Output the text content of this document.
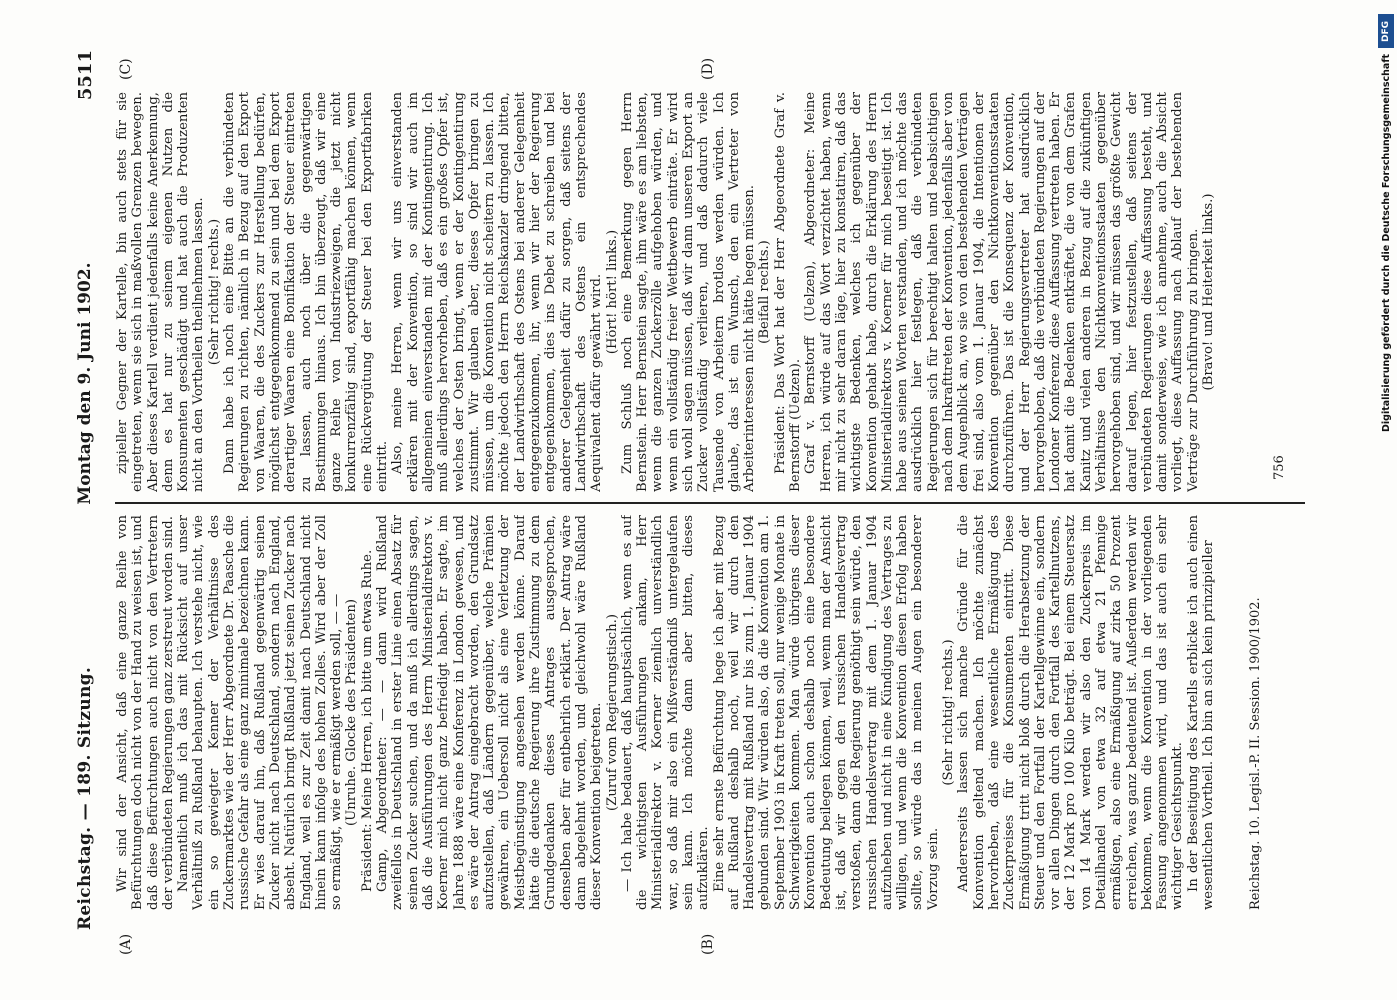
Reichstag. — 189. Sitzung.
Montag den 9. Juni 1902.
5511

Wir sind der Ansicht, daß eine ganze Reihe von Befürchtungen doch nicht von der Hand zu weisen ist, und daß diese Befürchtungen auch nicht von den Vertretern der verbündeten Regierungen ganz zerstreut worden sind. Namentlich muß ich das mit Rücksicht auf unser Verhältniß zu Rußland behaupten. Ich verstehe nicht, wie ein so gewiegter Kenner der Verhältnisse des Zuckermarktes wie der Herr Abgeordnete Dr. Paasche die russische Gefahr als eine ganz minimale bezeichnen kann. Er wies darauf hin, daß Rußland gegenwärtig seinen Zucker nicht nach Deutschland, sondern nach England, abseht. Natürlich bringt Rußland jetzt seinen Zucker nach England, weil es zur Zeit damit nach Deutschland nicht hinein kann infolge des hohen Zolles. Wird aber der Zoll so ermäßigt, wie er ermäßigt werden soll, — — (Unruhe. Glocke des Präsidenten) Präsident: Meine Herren, ich bitte um etwas Ruhe. Gamp, Abgeordneter: — — dann wird Rußland zweifellos in Deutschland in erster Linie einen Absatz für seinen Zucker suchen, und da muß ich allerdings sagen, daß die Ausführungen des Herrn Ministerialdirektors v. Koerner mich nicht ganz befriedigt haben. Er sagte, im Jahre 1888 wäre eine Konferenz in London gewesen, und es wäre der Antrag eingebracht worden, den Grundsatz aufzustellen, daß Ländern gegenüber, welche Prämien gewähren, ein Uebersoll nicht als eine Verletzung der Meistbegünstigung angesehen werden könne. Darauf hätte die deutsche Regierung ihre Zustimmung zu dem Grundgedanken dieses Antrages ausgesprochen, denselben aber für entbehrlich erklärt. Der Antrag wäre dann abgelehnt worden, und gleichwohl wäre Rußland dieser Konvention beigetreten. (Zuruf vom Regierungstisch.) — Ich habe bedauert, daß hauptsächlich, wenn es auf die wichtigsten Ausführungen ankam, Herr Ministerialdirektor v. Koerner ziemlich unverständlich war, so daß mir also ein Mißverständniß untergelaufen sein kann. Ich möchte dann aber bitten, dieses aufzuklären. Eine sehr ernste Befürchtung hege ich aber mit Bezug auf Rußland deshalb noch, weil wir durch den Handelsvertrag mit Rußland nur bis zum 1. Januar 1904 gebunden sind. Wir würden also, da die Konvention am 1. September 1903 in Kraft treten soll, nur wenige Monate in Schwierigkeiten kommen. Man würde übrigens dieser Konvention auch schon deshalb noch eine besondere Bedeutung beilegen können, weil, wenn man der Ansicht ist, daß wir gegen den russischen Handelsvertrag verstoßen, dann die Regierung genöthigt sein würde, den russischen Handelsvertrag mit dem 1. Januar 1904 aufzuheben und nicht in eine Kündigung des Vertrages zu willigen, und wenn die Konvention diesen Erfolg haben sollte, so würde das in meinen Augen ein besonderer Vorzug sein.

(Sehr richtig! rechts.) Andererseits lassen sich manche Gründe für die Konvention geltend machen. Ich möchte zunächst hervorheben, daß eine wesentliche Ermäßigung des Zuckerpreises für die Konsumenten eintritt. Diese Ermäßigung tritt nicht bloß durch die Herabsetzung der Steuer und den Fortfall der Kartellgewinne ein, sondern vor allen Dingen durch den Fortfall des Kartellnutzens, der 12 Mark pro 100 Kilo beträgt. Bei einem Steuersatz von 14 Mark werden wir also den Zuckerpreis im Detailhandel von etwa 32 auf etwa 21 Pfennige ermäßigen, also eine Ermäßigung auf zirka 50 Prozent erreichen, was ganz bedeutend ist. Außerdem werden wir bekommen, wenn die Konvention in der vorliegenden Fassung angenommen wird, und das ist auch ein sehr wichtiger Gesichtspunkt. In der Beseitigung des Kartells erblicke ich auch einen wesentlichen Vortheil. Ich bin an sich kein prinzipieller

zipieller Gegner der Kartelle, bin auch stets für sie eingetreten, wenn sie sich in maßvollen Grenzen bewegen. Aber dieses Kartell verdient jedenfalls keine Anerkennung, denn es hat nur zu seinem eigenen Nutzen die Konsumenten geschädigt und hat auch die Produzenten nicht an den Vortheilen theilnehmen lassen. (Sehr richtig! rechts.) Dann habe ich noch eine Bitte an die verbündeten Regierungen zu richten, nämlich in Bezug auf den Export von Waaren, die des Zuckers zur Herstellung bedürfen, möglichst entgegenkommend zu sein und bei dem Export derartiger Waaren eine Bonifikation der Steuer eintreten zu lassen, auch noch über die gegenwärtigen Bestimmungen hinaus. Ich bin überzeugt, daß wir eine ganze Reihe von Industriezweigen, die jetzt nicht konkurrenzfähig sind, exportfähig machen können, wenn eine Rückvergütung der Steuer bei den Exportfabriken eintritt. Also, meine Herren, wenn wir uns einverstanden erklären mit der Konvention, so sind wir auch im allgemeinen einverstanden mit der Kontingentirung. Ich muß allerdings hervorheben, daß es ein großes Opfer ist, welches der Osten bringt, wenn er der Kontingentirung zustimmt. Wir glauben aber, dieses Opfer bringen zu müssen, um die Konvention nicht scheitern zu lassen. Ich möchte jedoch den Herrn Reichskanzler dringend bitten, der Landwirthschaft des Ostens bei anderer Gelegenheit entgegenzukommen, ihr, wenn wir hier der Regierung entgegenkommen, dies ins Debet zu schreiben und bei anderer Gelegenheit dafür zu sorgen, daß seitens der Landwirthschaft des Ostens ein entsprechendes Aequivalent dafür gewährt wird. (Hört! hört! links.) Zum Schluß noch eine Bemerkung gegen Herrn Bernstein. Herr Bernstein sagte, ihm wäre es am liebsten, wenn die ganzen Zuckerzölle aufgehoben würden, und wenn ein vollständig freier Wettbewerb einträte. Er wird sich wohl sagen müssen, daß wir dann unseren Export an Zucker vollständig verlieren, und daß dadurch viele Tausende von Arbeitern brotlos werden würden. Ich glaube, das ist ein Wunsch, den ein Vertreter von Arbeiterinteressen nicht hätte hegen müssen. (Beifall rechts.) Präsident: Das Wort hat der Herr Abgeordnete Graf v. Bernstorff (Uelzen). Graf v. Bernstorff (Uelzen), Abgeordneter: Meine Herren, ich würde auf das Wort verzichtet haben, wenn mir nicht zu sehr daran läge, hier zu konstatiren, daß das wichtigste Bedenken, welches ich gegenüber der Konvention gehabt habe, durch die Erklärung des Herrn Ministerialdirektors v. Koerner für mich beseitigt ist. Ich habe aus seinen Worten verstanden, und ich möchte das ausdrücklich hier festlegen, daß die verbündeten Regierungen sich für berechtigt halten und beabsichtigen nach dem Inkrafttreten der Konvention, jedenfalls aber von dem Augenblick an, wo sie von den bestehenden Verträgen frei sind, also vom 1. Januar 1904, die Intentionen der Konvention gegenüber den Nichtkonventionsstaaten durchzuführen. Das ist die Konsequenz der Konvention, und der Herr Regierungsvertreter hat ausdrücklich hervorgehoben, daß die verbündeten Regierungen auf der Londoner Konferenz diese Auffassung vertreten haben. Er hat damit die Bedenken entkräftet, die von dem Grafen Kanitz und vielen anderen in Bezug auf die zukünftigen Verhältnisse den Nichtkonventionsstaaten gegenüber hervorgehoben sind, und wir müssen das größte Gewicht darauf legen, hier festzustellen, daß seitens der verbündeten Regierungen diese Auffassung besteht, und damit sonderweise, wie ich annehme, auch die Absicht vorliegt, diese Auffassung nach Ablauf der bestehenden Verträge zur Durchführung zu bringen. (Bravo! und Heiterkeit links.)

(A)	(B)
(C)	(D)
Reichstag. 10. Legisl.-P. II. Session. 1900/1902.
756
DFG
Digitalisierung gefördert durch die Deutsche Forschungsgemeinschaft
